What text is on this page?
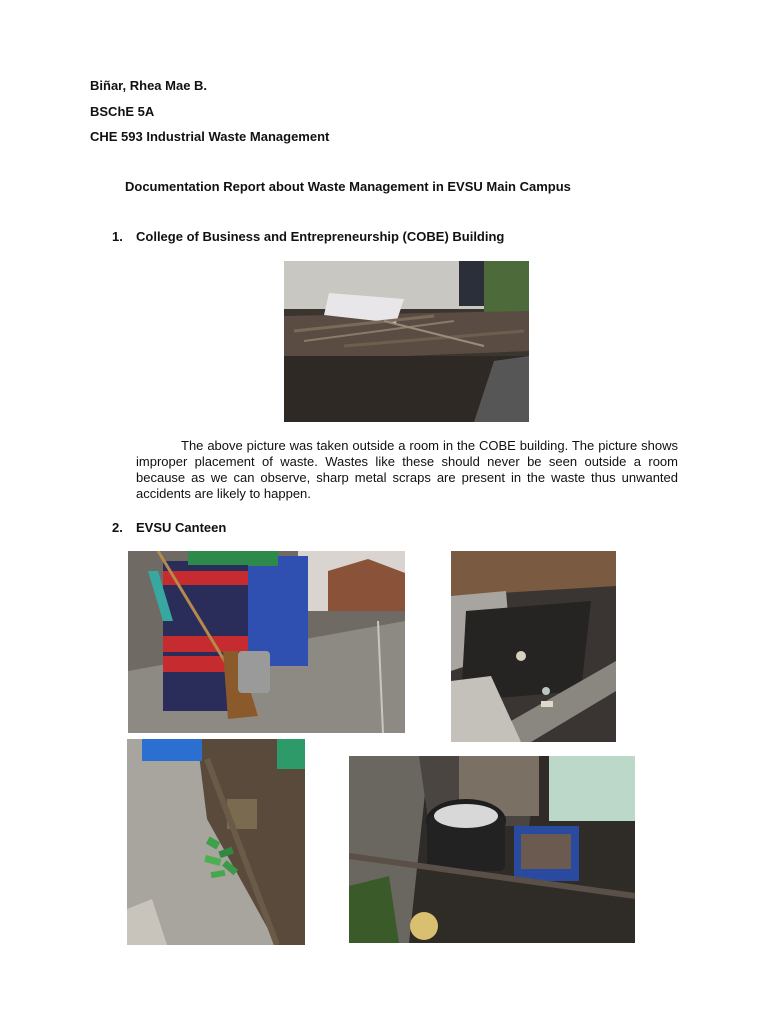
Biñar, Rhea Mae B.
BSChE 5A
CHE 593 Industrial Waste Management
Documentation Report about Waste Management in EVSU Main Campus
1. College of Business and Entrepreneurship (COBE) Building
The above picture was taken outside a room in the COBE building. The picture shows improper placement of waste. Wastes like these should never be seen outside a room because as we can observe, sharp metal scraps are present in the waste thus unwanted accidents are likely to happen.
2. EVSU Canteen
